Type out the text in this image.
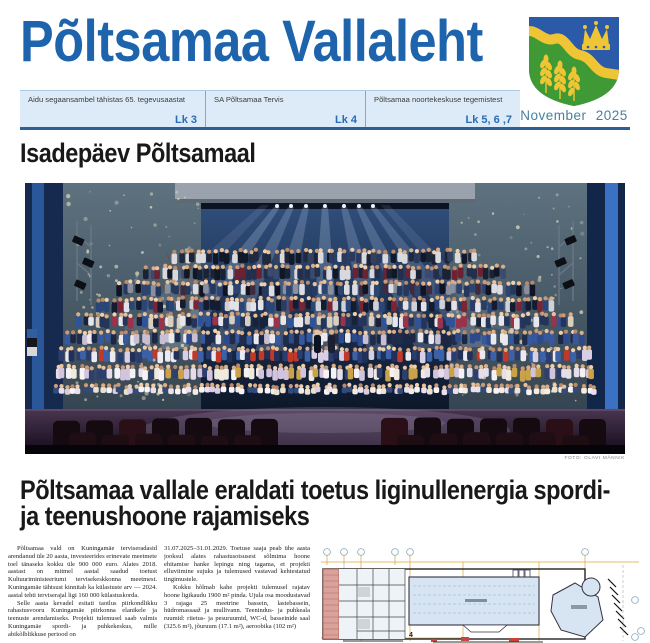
Põltsamaa Vallaleht
November 2025
Aidu segaansambel tähistas 65. tegevusaastat
Lk 3
SA Põltsamaa Tervis
Lk 4
Põltsamaa noortekeskuse tegemistest
Lk 5, 6 ,7
Isadepäev Põltsamaal
FOTO: OLAVI MÄNNIK
Põltsamaa vallale eraldati toetus liginullenergia spordi-
ja teenushoone rajamiseks

Põltsamaa vald on Kuningamäe terviseradasid arendanud üle 20 aasta, investeerides erinevate meetmete toel tänaseks kokku üle 900 000 euro. Alates 2018. aastast on mitmel aastal saadud toetust Kultuuriministeeriumi tervisekeskkonna meetmest. Kuningamäe tähtsust kinnitab ka külastuste arv — 2024. aastal tehti terviserajal ligi 160 000 külastuskorda.

Selle aasta kevadel esitati taotlus piirkondlikku rahastusvooru Kuningamäe piirkonna elanikele ja teenuste arendamiseks. Projekti tulemusel saab valmis Kuningamäe spordi- ja puhkekeskus, mille abikõlblikkuse periood on

31.07.2025–31.01.2029. Toetuse saaja peab ühe aasta jooksul alates rahastusotsusest sõlmima hoone ehitamise hanke lepingu ning tagama, et projekti elluviimine sujuks ja tulemused vastavad kehtestatud tingimustele.

Kokku hõlmab kahe projekti tulemusel rajatav hoone ligikaudu 1900 m² pinda. Ujula osa moodustavad 3 rajaga 25 meetrine bassein, lastebassein, hüdromassaaž ja mullivann. Teenindus- ja puhkeala ruumid: riietus- ja pesuruumid, WC-d, basseinide saal (325.6 m²), jõuruum (17.1 m²), aeroobika (102 m²)

4
